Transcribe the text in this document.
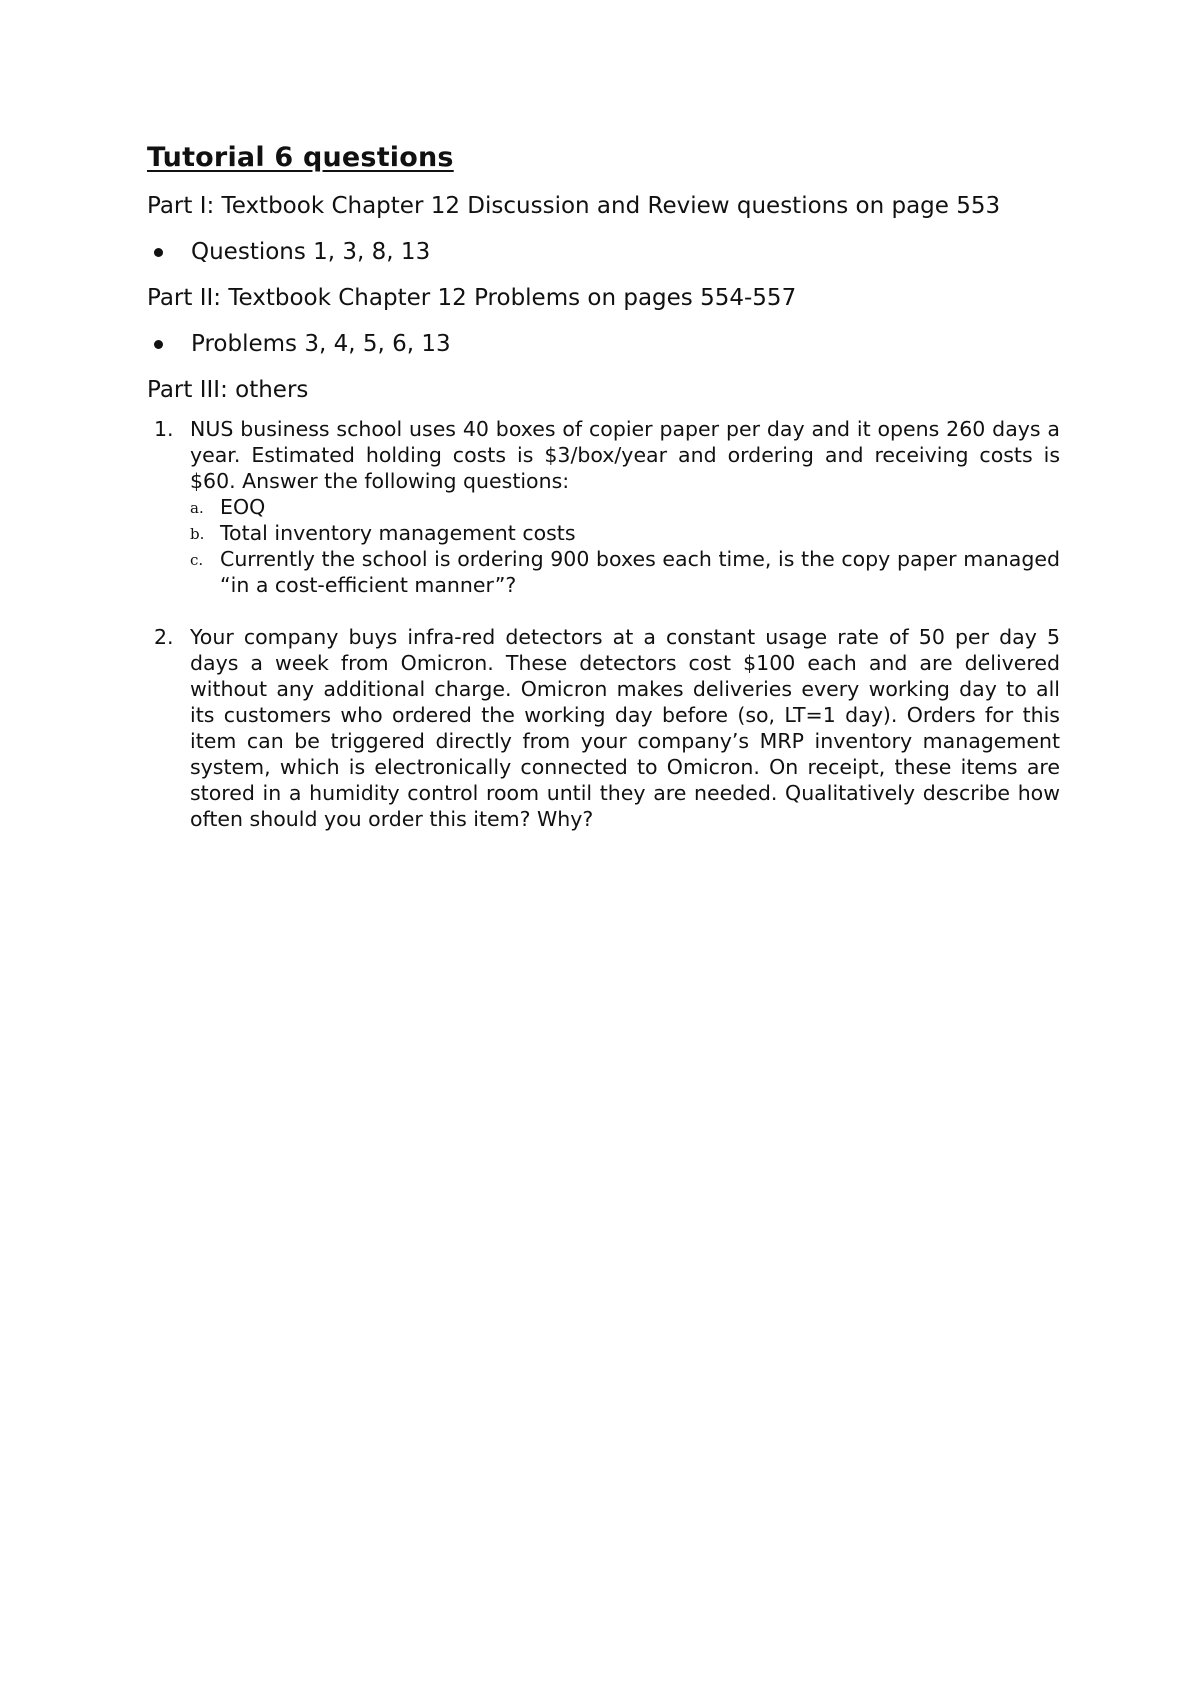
Tutorial 6 questions
Part I: Textbook Chapter 12 Discussion and Review questions on page 553
Questions 1, 3, 8, 13
Part II: Textbook Chapter 12 Problems on pages 554-557
Problems 3, 4, 5, 6, 13
Part III: others
1. NUS business school uses 40 boxes of copier paper per day and it opens 260 days a year. Estimated holding costs is $3/box/year and ordering and receiving costs is $60. Answer the following questions:
a. EOQ
b. Total inventory management costs
c. Currently the school is ordering 900 boxes each time, is the copy paper managed “in a cost-efficient manner”?
2. Your company buys infra-red detectors at a constant usage rate of 50 per day 5 days a week from Omicron. These detectors cost $100 each and are delivered without any additional charge. Omicron makes deliveries every working day to all its customers who ordered the working day before (so, LT=1 day). Orders for this item can be triggered directly from your company’s MRP inventory management system, which is electronically connected to Omicron. On receipt, these items are stored in a humidity control room until they are needed. Qualitatively describe how often should you order this item? Why?
